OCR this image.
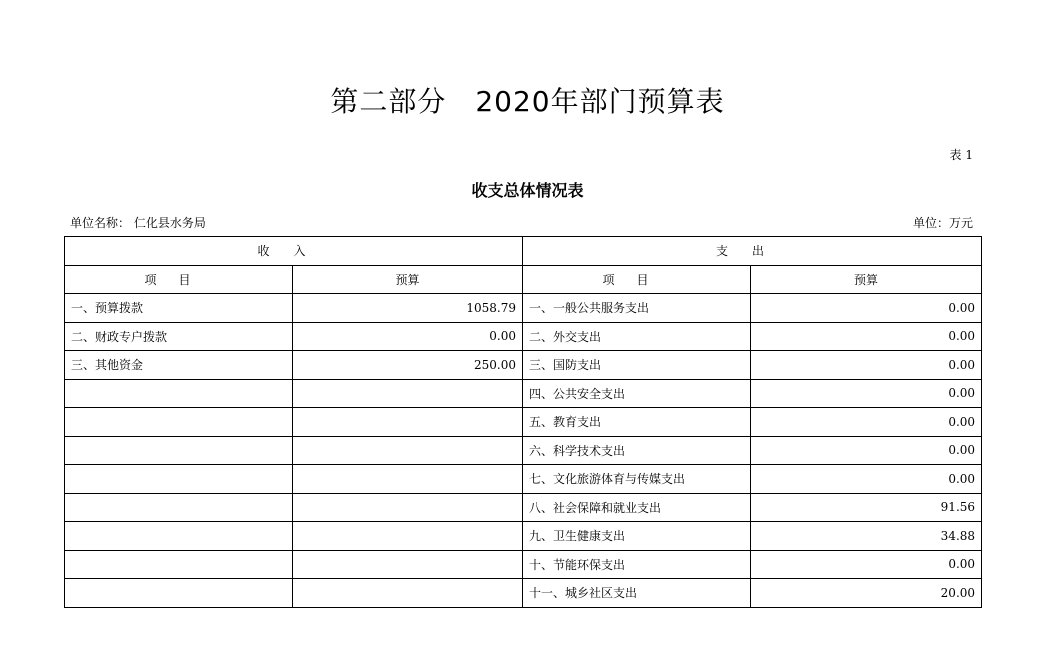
第二部分　2020年部门预算表
表 1
收支总体情况表
单位名称： 仁化县水务局	单位：万元
收入		支出	
项目	预算	项目	预算
一、预算拨款	1058.79	一、一般公共服务支出	0.00
二、财政专户拨款	0.00	二、外交支出	0.00
三、其他资金	250.00	三、国防支出	0.00
		四、公共安全支出	0.00
		五、教育支出	0.00
		六、科学技术支出	0.00
		七、文化旅游体育与传媒支出	0.00
		八、社会保障和就业支出	91.56
		九、卫生健康支出	34.88
		十、节能环保支出	0.00
		十一、城乡社区支出	20.00
